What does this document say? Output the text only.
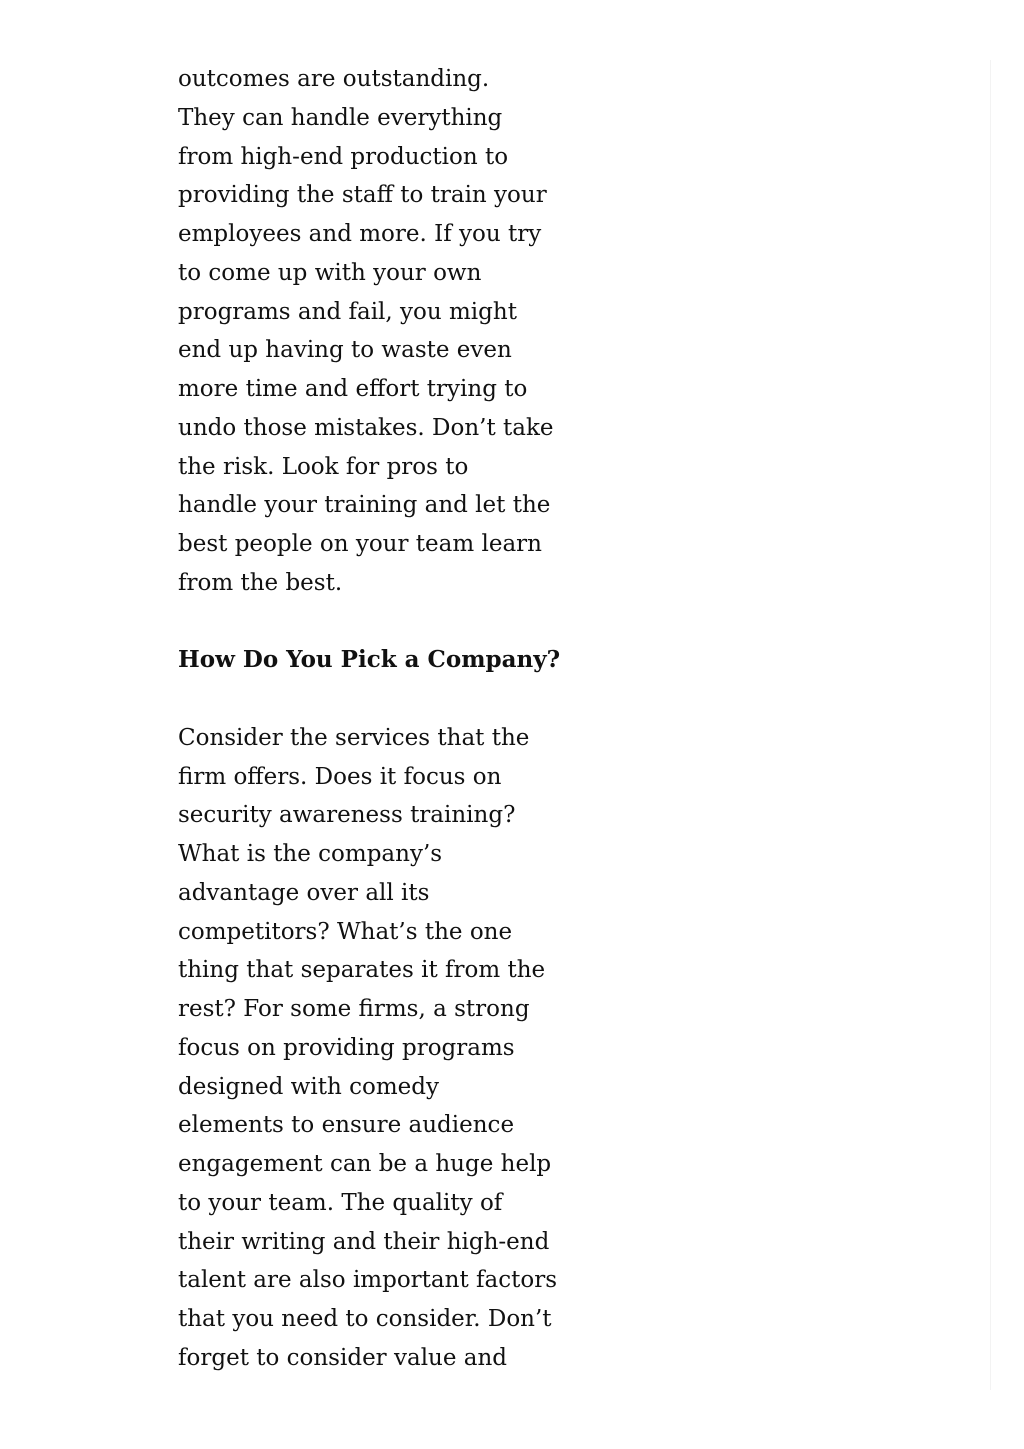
outcomes are outstanding.
They can handle everything
from high-end production to
providing the staff to train your
employees and more. If you try
to come up with your own
programs and fail, you might
end up having to waste even
more time and effort trying to
undo those mistakes. Don’t take
the risk. Look for pros to
handle your training and let the
best people on your team learn
from the best.
How Do You Pick a Company?
Consider the services that the
firm offers. Does it focus on
security awareness training?
What is the company’s
advantage over all its
competitors? What’s the one
thing that separates it from the
rest? For some firms, a strong
focus on providing programs
designed with comedy
elements to ensure audience
engagement can be a huge help
to your team. The quality of
their writing and their high-end
talent are also important factors
that you need to consider. Don’t
forget to consider value and
